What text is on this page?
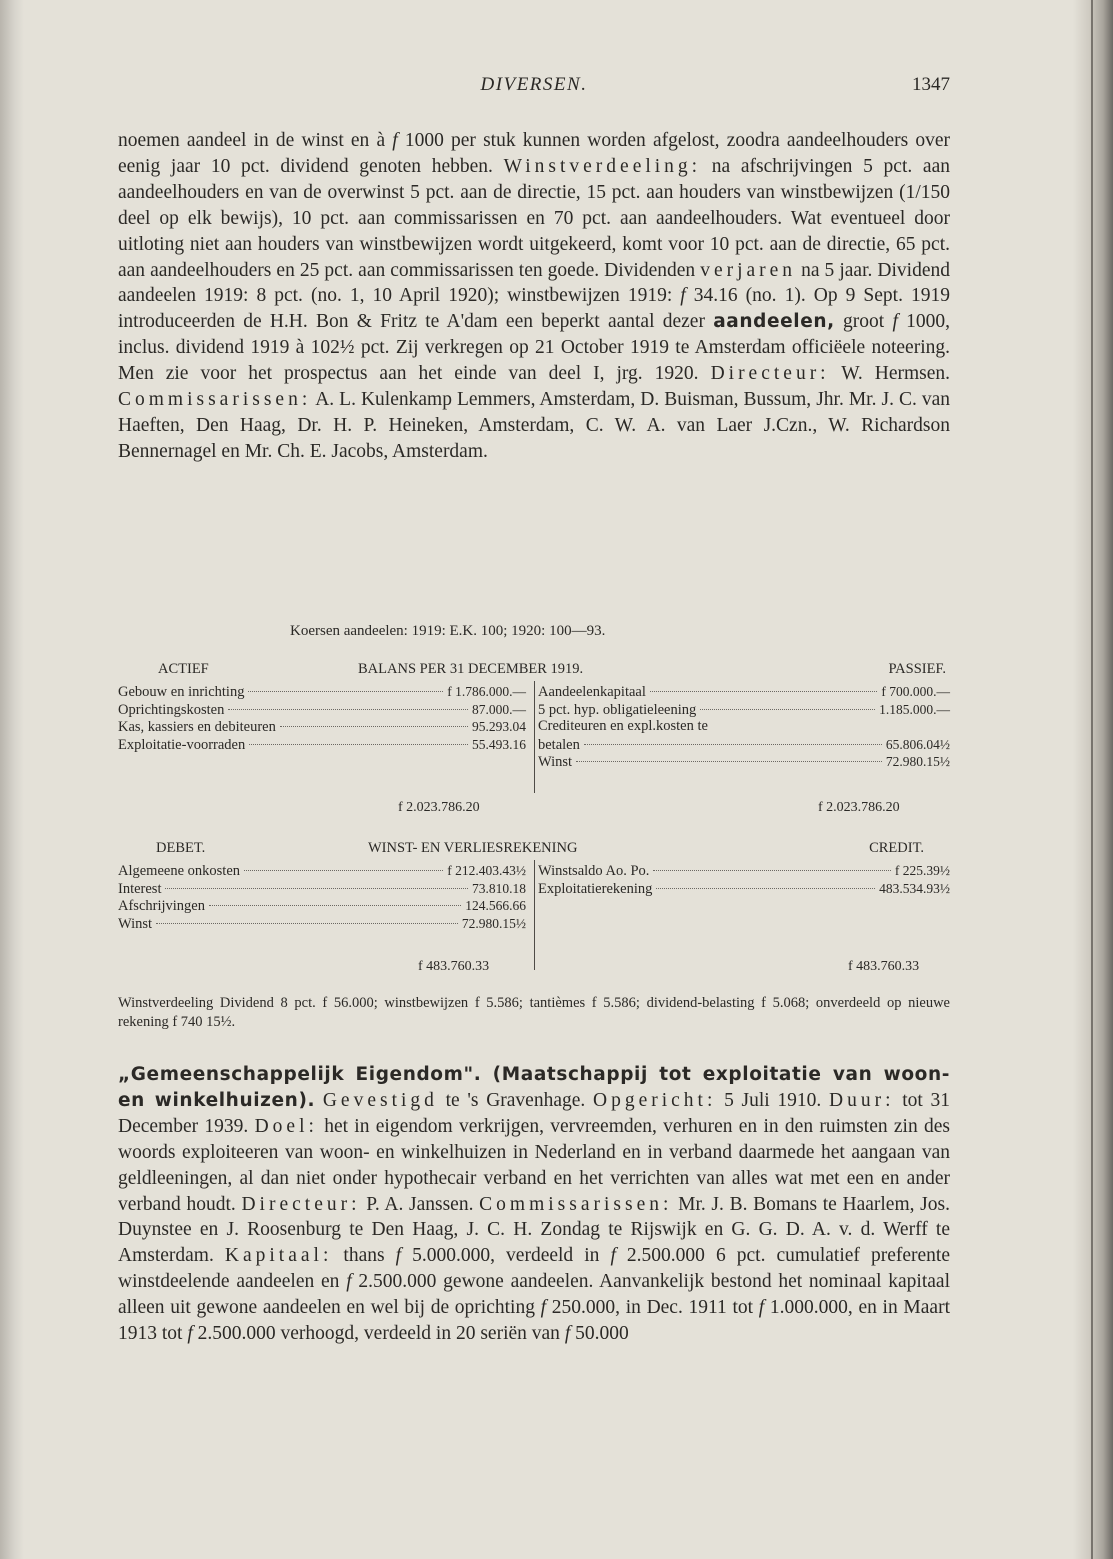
DIVERSEN.	1347

noemen aandeel in de winst en à f 1000 per stuk kunnen worden afgelost, zoodra aandeelhouders over eenig jaar 10 pct. dividend genoten hebben. Winstverdeeling: na afschrijvingen 5 pct. aan aandeelhouders en van de overwinst 5 pct. aan de directie, 15 pct. aan houders van winstbewijzen (1/150 deel op elk bewijs), 10 pct. aan commissarissen en 70 pct. aan aandeelhouders. Wat eventueel door uitloting niet aan houders van winstbewijzen wordt uitgekeerd, komt voor 10 pct. aan de directie, 65 pct. aan aandeelhouders en 25 pct. aan commissarissen ten goede. Dividenden verjaren na 5 jaar. Dividend aandeelen 1919: 8 pct. (no. 1, 10 April 1920); winstbewijzen 1919: f 34.16 (no. 1). Op 9 Sept. 1919 introduceerden de H.H. Bon & Fritz te A'dam een beperkt aantal dezer aandeelen, groot f 1000, inclus. dividend 1919 à 102½ pct. Zij verkregen op 21 October 1919 te Amsterdam officiëele noteering. Men zie voor het prospectus aan het einde van deel I, jrg. 1920. Directeur: W. Hermsen. Commissarissen: A. L. Kulenkamp Lemmers, Amsterdam, D. Buisman, Bussum, Jhr. Mr. J. C. van Haeften, Den Haag, Dr. H. P. Heineken, Amsterdam, C. W. A. van Laer J.Czn., W. Richardson Bennernagel en Mr. Ch. E. Jacobs, Amsterdam.

Koersen aandeelen: 1919: E.K. 100; 1920: 100—93.
ACTIEF	BALANS PER 31 DECEMBER 1919.	PASSIEF.
Gebouw en inrichting	f 1.786.000.—
Oprichtingskosten	87.000.—
Kas, kassiers en debiteuren	95.293.04
Exploitatie-voorraden	55.493.16
Aandeelenkapitaal	f 700.000.—
5 pct. hyp. obligatieleening	1.185.000.—
Crediteuren en expl.kosten te
betalen	65.806.04½
Winst	72.980.15½
f 2.023.786.20	f 2.023.786.20
DEBET.	WINST- EN VERLIESREKENING	CREDIT.
Algemeene onkosten	f 212.403.43½
Interest	73.810.18
Afschrijvingen	124.566.66
Winst	72.980.15½
Winstsaldo Ao. Po.	f 225.39½
Exploitatierekening	483.534.93½
f 483.760.33	f 483.760.33

Winstverdeeling Dividend 8 pct. f 56.000; winstbewijzen f 5.586; tantièmes f 5.586; dividend-belasting f 5.068; onverdeeld op nieuwe rekening f 740 15½.

„Gemeenschappelijk Eigendom". (Maatschappij tot exploitatie van woon- en winkelhuizen). Gevestigd te 's Gravenhage. Opgericht: 5 Juli 1910. Duur: tot 31 December 1939. Doel: het in eigendom verkrijgen, vervreemden, verhuren en in den ruimsten zin des woords exploiteeren van woon- en winkelhuizen in Nederland en in verband daarmede het aangaan van geldleeningen, al dan niet onder hypothecair verband en het verrichten van alles wat met een en ander verband houdt. Directeur: P. A. Janssen. Commissarissen: Mr. J. B. Bomans te Haarlem, Jos. Duynstee en J. Roosenburg te Den Haag, J. C. H. Zondag te Rijswijk en G. G. D. A. v. d. Werff te Amsterdam. Kapitaal: thans f 5.000.000, verdeeld in f 2.500.000 6 pct. cumulatief preferente winstdeelende aandeelen en f 2.500.000 gewone aandeelen. Aanvankelijk bestond het nominaal kapitaal alleen uit gewone aandeelen en wel bij de oprichting f 250.000, in Dec. 1911 tot f 1.000.000, en in Maart 1913 tot f 2.500.000 verhoogd, verdeeld in 20 seriën van f 50.000
